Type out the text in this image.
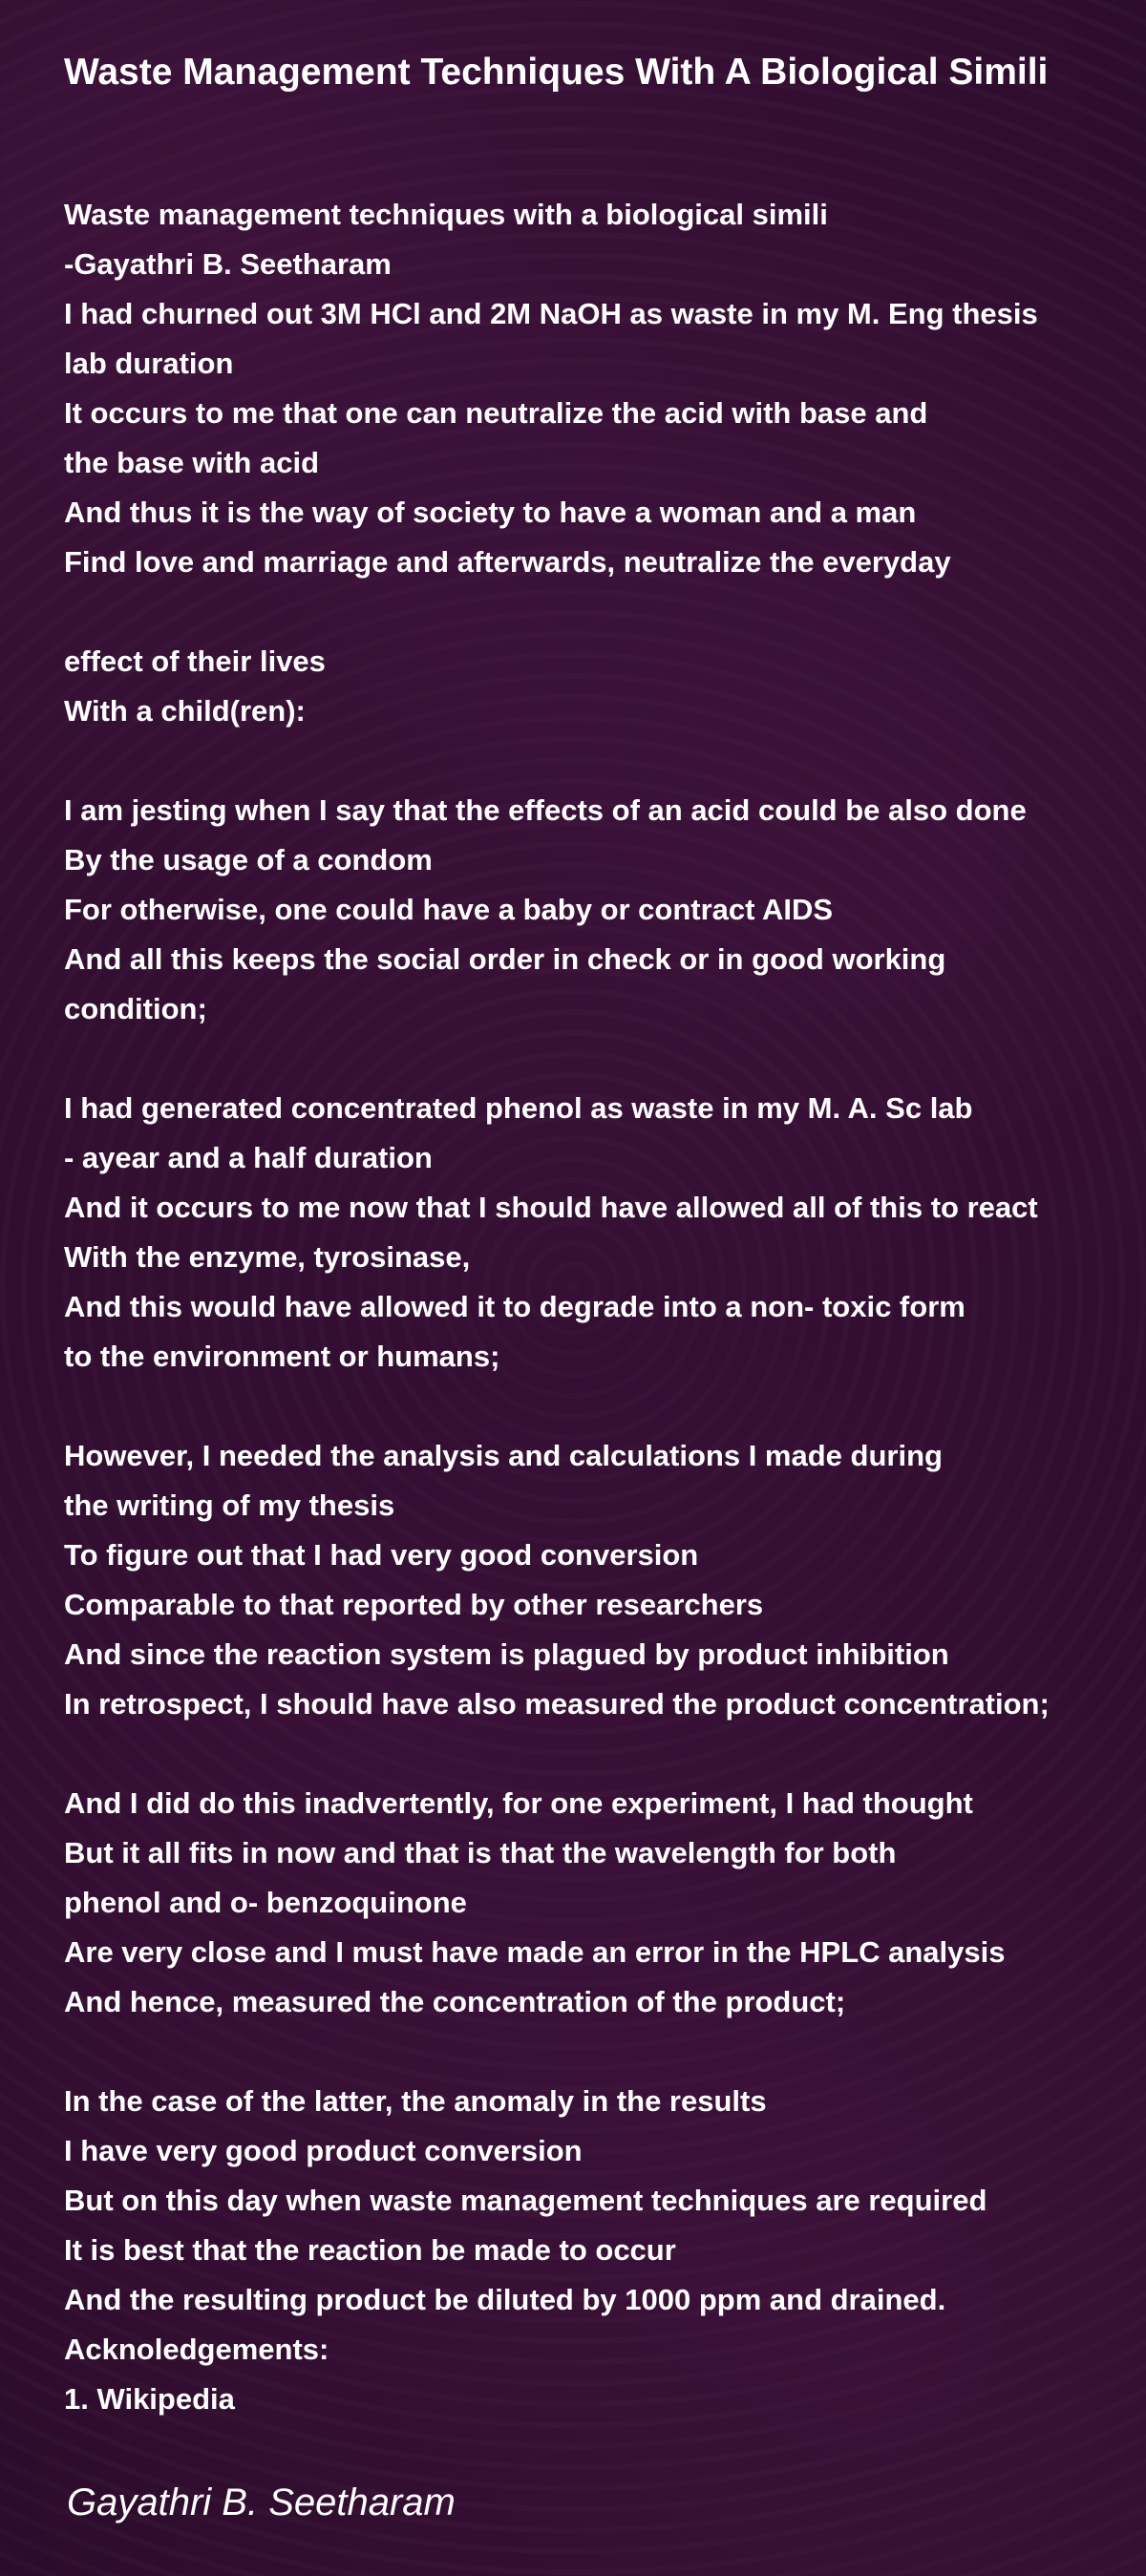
Waste Management Techniques With A Biological Simili
Waste management techniques with a biological simili
-Gayathri B. Seetharam
I had churned out 3M HCl and 2M NaOH as waste in my M. Eng thesis
lab duration
It occurs to me that one can neutralize the acid with base and
the base with acid
And thus it is the way of society to have a woman and a man
Find love and marriage and afterwards, neutralize the everyday
effect of their lives
With a child(ren):
I am jesting when I say that the effects of an acid could be also done
By the usage of a condom
For otherwise, one could have a baby or contract AIDS
And all this keeps the social order in check or in good working
condition;
I had generated concentrated phenol as waste in my M. A. Sc lab
- ayear and a half duration
And it occurs to me now that I should have allowed all of this to react
With the enzyme, tyrosinase,
And this would have allowed it to degrade into a non- toxic form
to the environment or humans;
However, I needed the analysis and calculations I made during
the writing of my thesis
To figure out that I had very good conversion
Comparable to that reported by other researchers
And since the reaction system is plagued by product inhibition
In retrospect, I should have also measured the product concentration;
And I did do this inadvertently, for one experiment, I had thought
But it all fits in now and that is that the wavelength for both
phenol and o- benzoquinone
Are very close and I must have made an error in the HPLC analysis
And hence, measured the concentration of the product;
In the case of the latter, the anomaly in the results
I have very good product conversion
But on this day when waste management techniques are required
It is best that the reaction be made to occur
And the resulting product be diluted by 1000 ppm and drained.
Acknoledgements:
1. Wikipedia
Gayathri B. Seetharam
